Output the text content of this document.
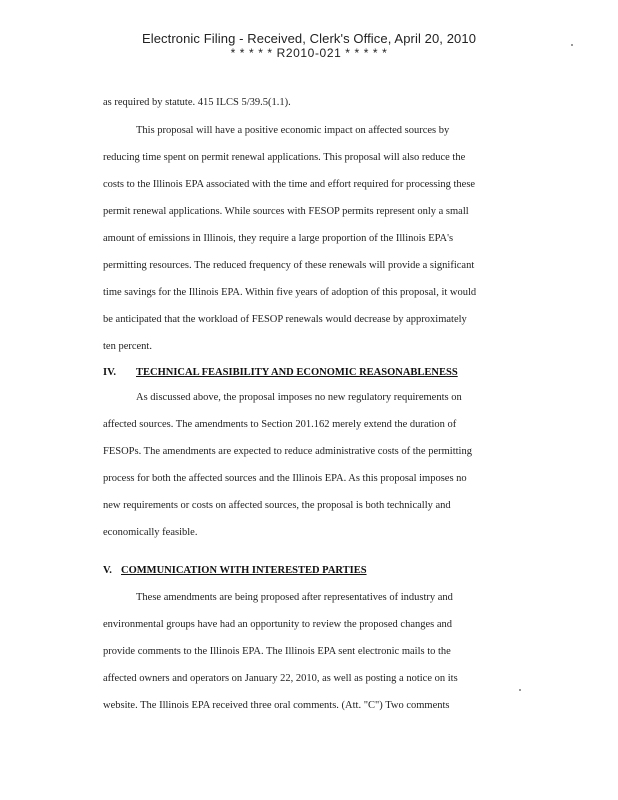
Electronic Filing - Received, Clerk's Office, April 20, 2010
* * * * * R2010-021 * * * * *
as required by statute. 415 ILCS 5/39.5(1.1).
This proposal will have a positive economic impact on affected sources by
reducing time spent on permit renewal applications. This proposal will also reduce the
costs to the Illinois EPA associated with the time and effort required for processing these
permit renewal applications. While sources with FESOP permits represent only a small
amount of emissions in Illinois, they require a large proportion of the Illinois EPA's
permitting resources. The reduced frequency of these renewals will provide a significant
time savings for the Illinois EPA. Within five years of adoption of this proposal, it would
be anticipated that the workload of FESOP renewals would decrease by approximately
ten percent.
IV. TECHNICAL FEASIBILITY AND ECONOMIC REASONABLENESS
As discussed above, the proposal imposes no new regulatory requirements on
affected sources. The amendments to Section 201.162 merely extend the duration of
FESOPs. The amendments are expected to reduce administrative costs of the permitting
process for both the affected sources and the Illinois EPA. As this proposal imposes no
new requirements or costs on affected sources, the proposal is both technically and
economically feasible.
V. COMMUNICATION WITH INTERESTED PARTIES
These amendments are being proposed after representatives of industry and
environmental groups have had an opportunity to review the proposed changes and
provide comments to the Illinois EPA. The Illinois EPA sent electronic mails to the
affected owners and operators on January 22, 2010, as well as posting a notice on its
website. The Illinois EPA received three oral comments. (Att. "C") Two comments
